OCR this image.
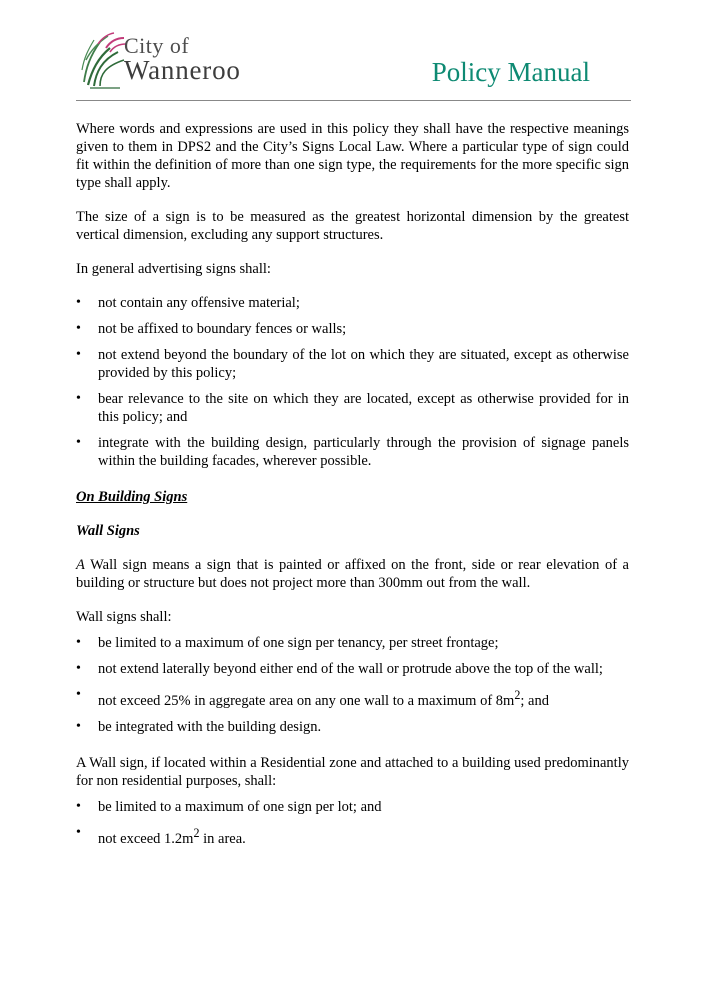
City of
Wanneroo	Policy Manual

Where words and expressions are used in this policy they shall have the respective meanings given to them in DPS2 and the City’s Signs Local Law. Where a particular type of sign could fit within the definition of more than one sign type, the requirements for the more specific sign type shall apply.

The size of a sign is to be measured as the greatest horizontal dimension by the greatest vertical dimension, excluding any support structures.

In general advertising signs shall:

• not contain any offensive material;
• not be affixed to boundary fences or walls;
• not extend beyond the boundary of the lot on which they are situated, except as otherwise provided by this policy;
• bear relevance to the site on which they are located, except as otherwise provided for in this policy; and
• integrate with the building design, particularly through the provision of signage panels within the building facades, wherever possible.
On Building Signs
Wall Signs

A Wall sign means a sign that is painted or affixed on the front, side or rear elevation of a building or structure but does not project more than 300mm out from the wall.

Wall signs shall:

• be limited to a maximum of one sign per tenancy, per street frontage;
• not extend laterally beyond either end of the wall or protrude above the top of the wall;
• not exceed 25% in aggregate area on any one wall to a maximum of $8m^2$; and
• be integrated with the building design.

A Wall sign, if located within a Residential zone and attached to a building used predominantly for non residential purposes, shall:

• be limited to a maximum of one sign per lot; and
• not exceed $1.2m^2$ in area.
